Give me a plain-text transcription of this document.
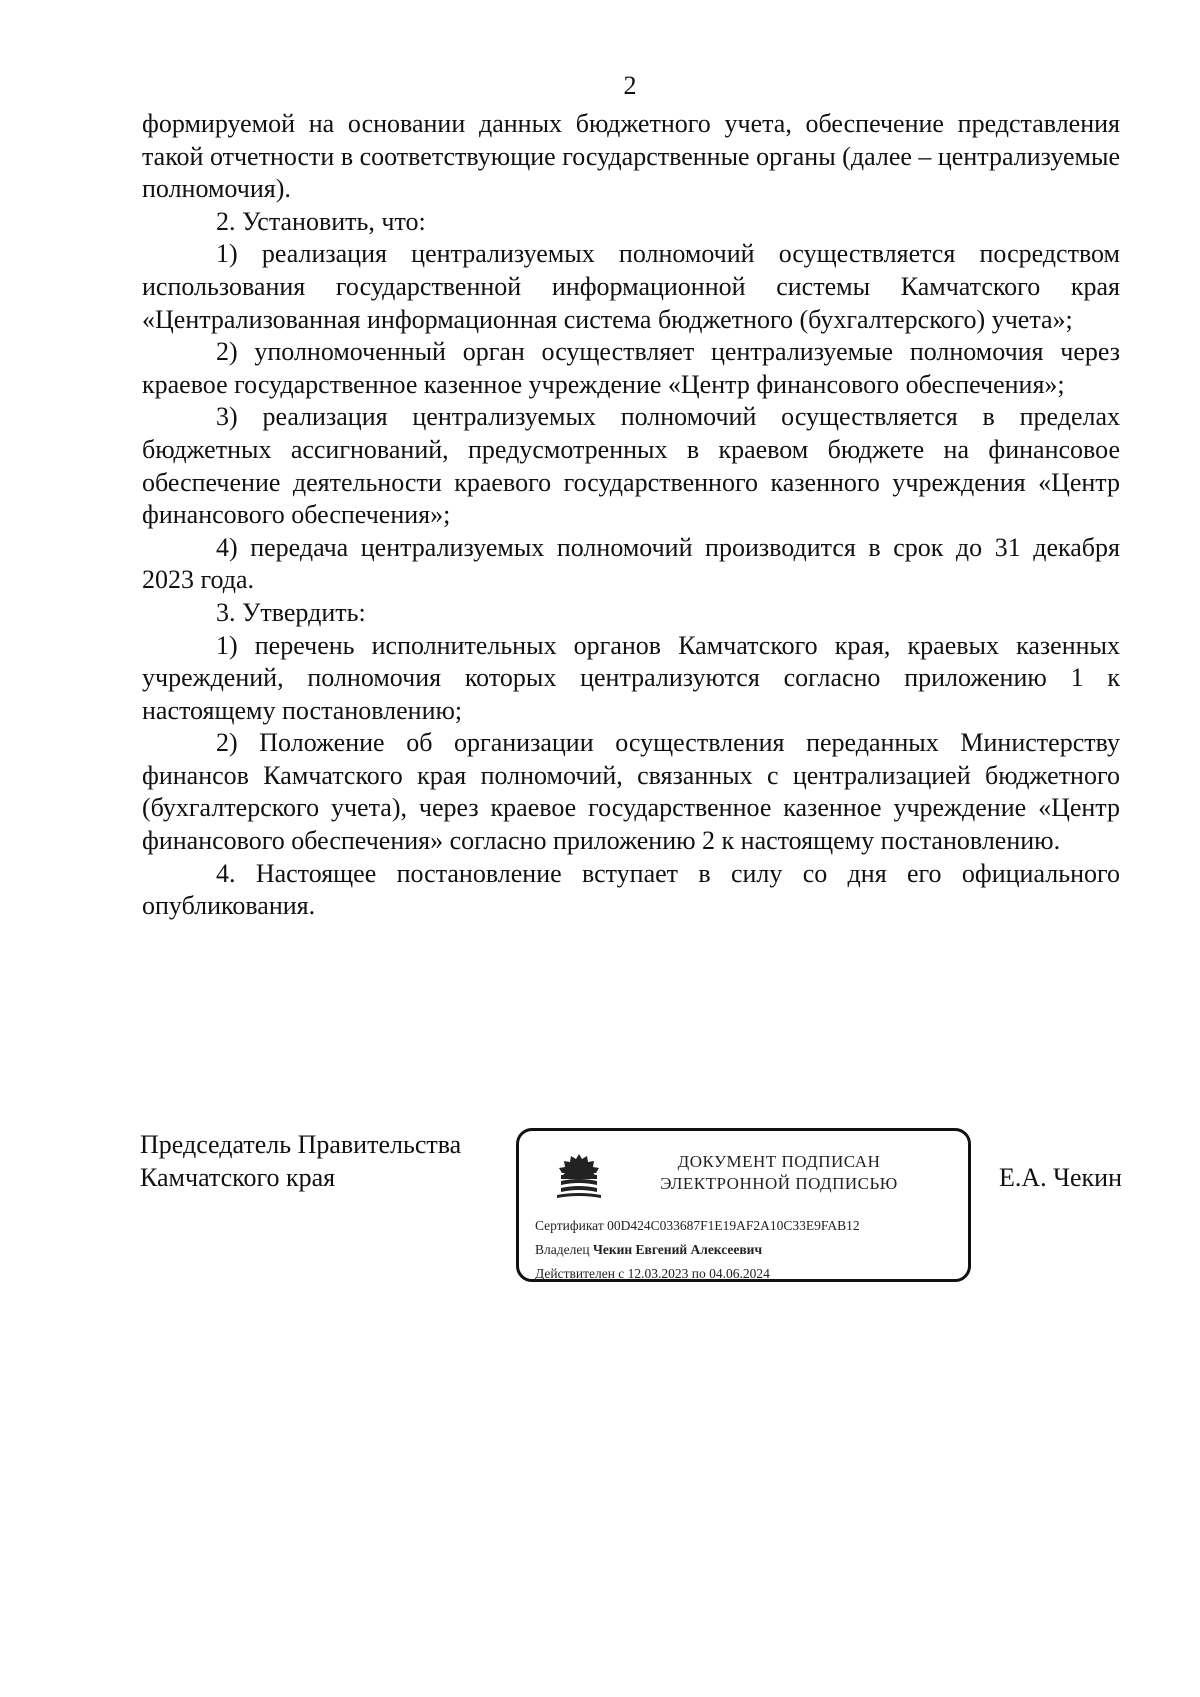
2

формируемой на основании данных бюджетного учета, обеспечение представления такой отчетности в соответствующие государственные органы (далее – централизуемые полномочия).

2. Установить, что:

1) реализация централизуемых полномочий осуществляется посредством использования государственной информационной системы Камчатского края «Централизованная информационная система бюджетного (бухгалтерского) учета»;

2) уполномоченный орган осуществляет централизуемые полномочия через краевое государственное казенное учреждение «Центр финансового обеспечения»;

3) реализация централизуемых полномочий осуществляется в пределах бюджетных ассигнований, предусмотренных в краевом бюджете на финансовое обеспечение деятельности краевого государственного казенного учреждения «Центр финансового обеспечения»;

4) передача централизуемых полномочий производится в срок до 31 декабря 2023 года.

3. Утвердить:

1) перечень исполнительных органов Камчатского края, краевых казенных учреждений, полномочия которых централизуются согласно приложению 1 к настоящему постановлению;

2) Положение об организации осуществления переданных Министерству финансов Камчатского края полномочий, связанных с централизацией бюджетного (бухгалтерского учета), через краевое государственное казенное учреждение «Центр финансового обеспечения» согласно приложению 2 к настоящему постановлению.

4. Настоящее постановление вступает в силу со дня его официального опубликования.

Председатель Правительства
Камчатского края
ДОКУМЕНТ ПОДПИСАН
ЭЛЕКТРОННОЙ ПОДПИСЬЮ
Сертификат 00D424C033687F1E19AF2A10C33E9FAB12
Владелец Чекин Евгений Алексеевич
Действителен с 12.03.2023 по 04.06.2024
Е.А. Чекин
